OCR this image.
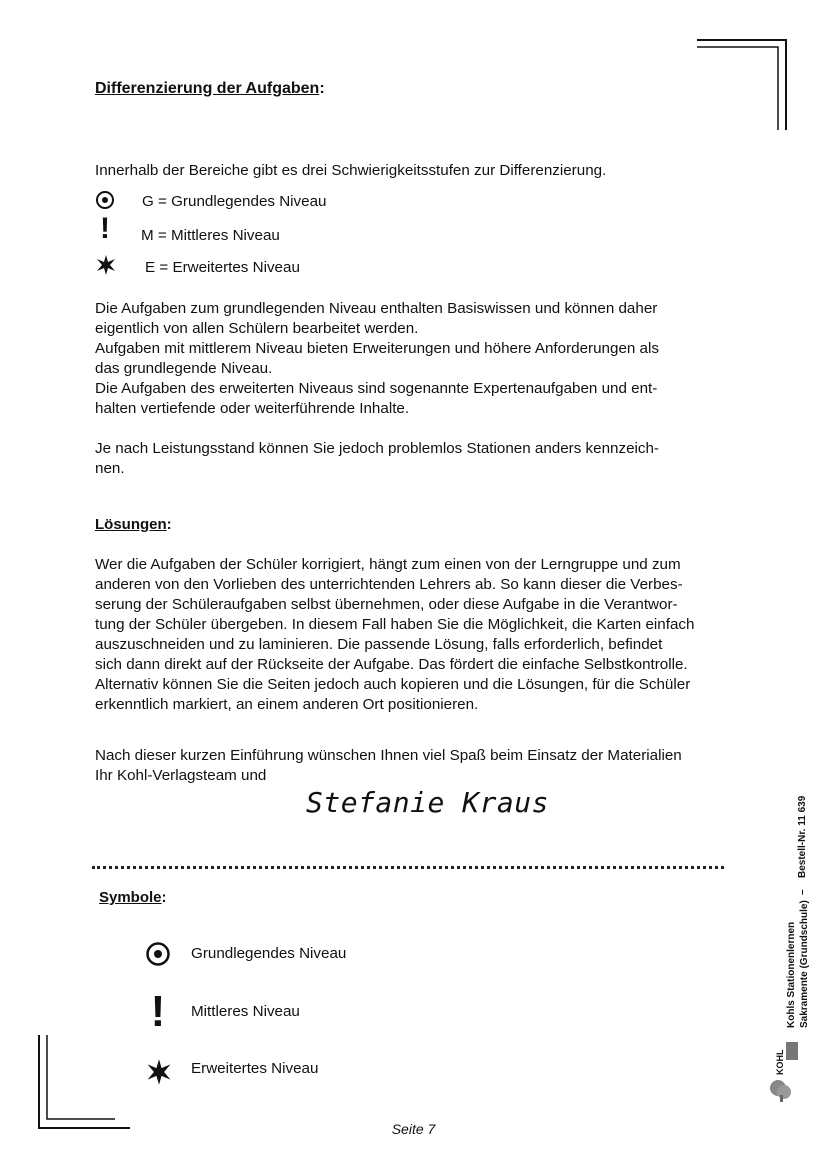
Differenzierung der Aufgaben:
Innerhalb der Bereiche gibt es drei Schwierigkeitsstufen zur Differenzierung.
G = Grundlegendes Niveau
!	M = Mittleres Niveau
E = Erweitertes Niveau
Die Aufgaben zum grundlegenden Niveau enthalten Basiswissen und können daher
eigentlich von allen Schülern bearbeitet werden.
Aufgaben mit mittlerem Niveau bieten Erweiterungen und höhere Anforderungen als
das grundlegende Niveau.
Die Aufgaben des erweiterten Niveaus sind sogenannte Expertenaufgaben und ent-
halten vertiefende oder weiterführende Inhalte.
Je nach Leistungsstand können Sie jedoch problemlos Stationen anders kennzeich-
nen.
Lösungen:
Wer die Aufgaben der Schüler korrigiert, hängt zum einen von der Lerngruppe und zum
anderen von den Vorlieben des unterrichtenden Lehrers ab. So kann dieser die Verbes-
serung der Schüleraufgaben selbst übernehmen, oder diese Aufgabe in die Verantwor-
tung der Schüler übergeben. In diesem Fall haben Sie die Möglichkeit, die Karten einfach
auszuschneiden und zu laminieren. Die passende Lösung, falls erforderlich, befindet
sich dann direkt auf der Rückseite der Aufgabe. Das fördert die einfache Selbstkontrolle.
Alternativ können Sie die Seiten jedoch auch kopieren und die Lösungen, für die Schüler
erkenntlich markiert, an einem anderen Ort positionieren.
Nach dieser kurzen Einführung wünschen Ihnen viel Spaß beim Einsatz der Materialien
Ihr Kohl-Verlagsteam und
Stefanie Kraus
Symbole:
Grundlegendes Niveau
! Mittleres Niveau
Erweitertes Niveau
Seite 7
Bestell-Nr. 11 639
–
Kohls Stationenlernen Sakramente (Grundschule)
KOHL
